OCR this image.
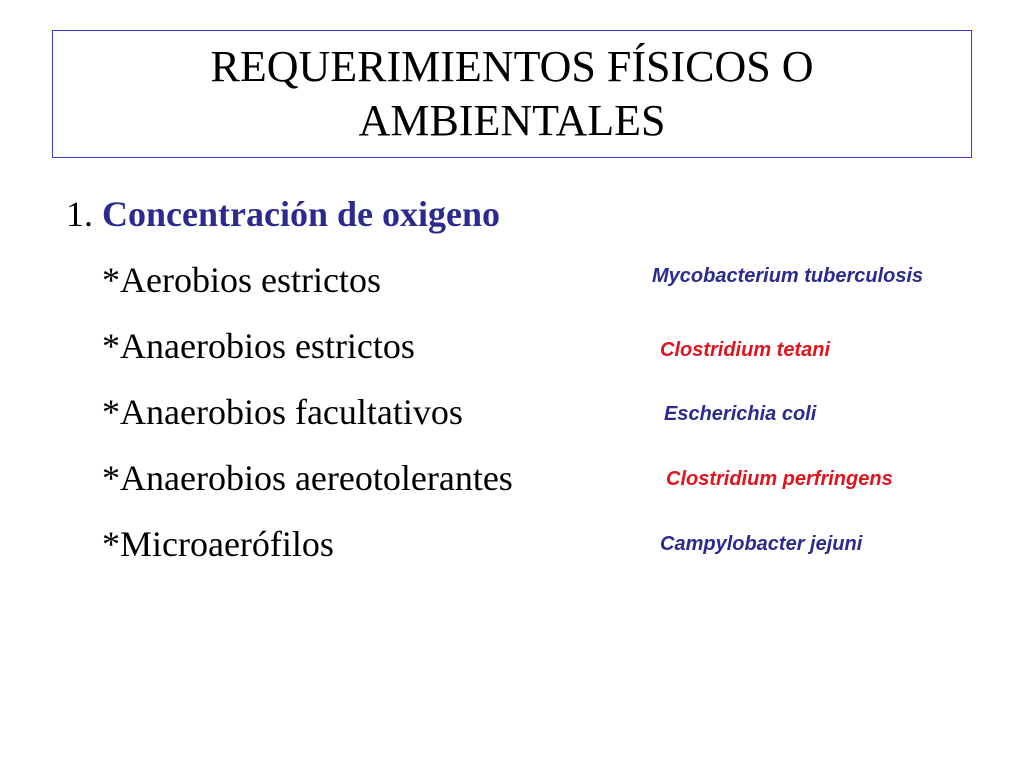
REQUERIMIENTOS FÍSICOS O
AMBIENTALES
1. Concentración de oxigeno
*Aerobios estrictos
*Anaerobios estrictos
*Anaerobios facultativos
*Anaerobios aereotolerantes
*Microaerófilos
Mycobacterium tuberculosis
Clostridium tetani
Escherichia coli
Clostridium perfringens
Campylobacter jejuni
